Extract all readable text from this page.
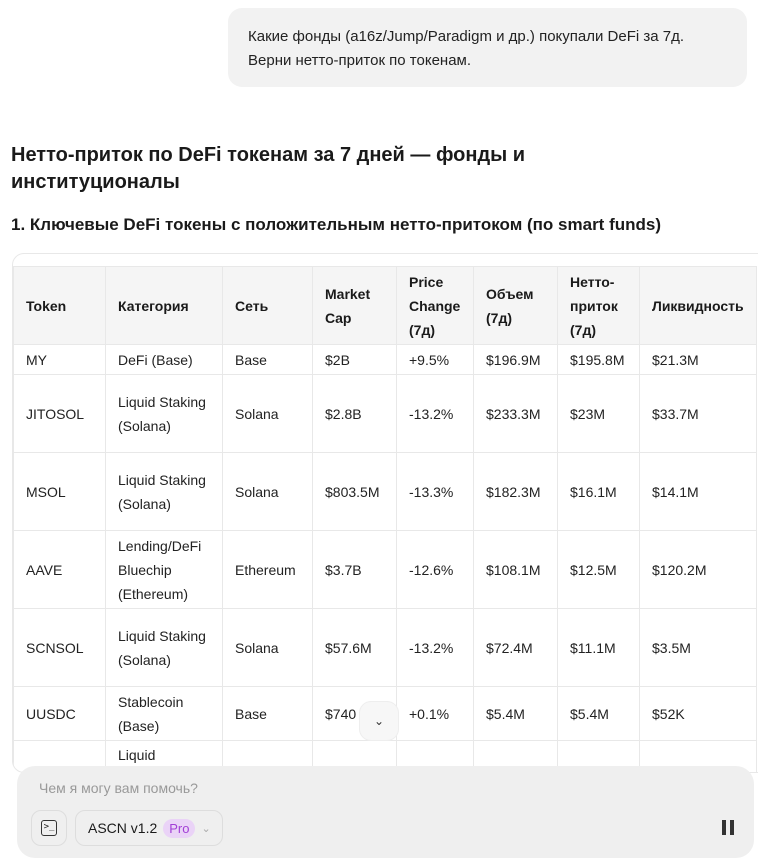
Какие фонды (a16z/Jump/Paradigm и др.) покупали DeFi за 7д. Верни нетто-приток по токенам.
Нетто-приток по DeFi токенам за 7 дней — фонды и институционалы
1. Ключевые DeFi токены с положительным нетто-притоком (по smart funds)
Token	Категория	Сеть	Market Cap	Price Change (7д)	Объем (7д)	Нетто-приток (7д)	Ликвидность
MY	DeFi (Base)	Base	$2B	+9.5%	$196.9M	$195.8M	$21.3M
JITOSOL	Liquid Staking (Solana)	Solana	$2.8B	-13.2%	$233.3M	$23M	$33.7M
MSOL	Liquid Staking (Solana)	Solana	$803.5M	-13.3%	$182.3M	$16.1M	$14.1M
AAVE	Lending/DeFi Bluechip (Ethereum)	Ethereum	$3.7B	-12.6%	$108.1M	$12.5M	$120.2M
SCNSOL	Liquid Staking (Solana)	Solana	$57.6M	-13.2%	$72.4M	$11.1M	$3.5M
UUSDC	Stablecoin (Base)	Base	$740	+0.1%	$5.4M	$5.4M	$52K
	Liquid						
⌄
Чем я могу вам помочь?
>_ ASCN v1.2 Pro	⌄
